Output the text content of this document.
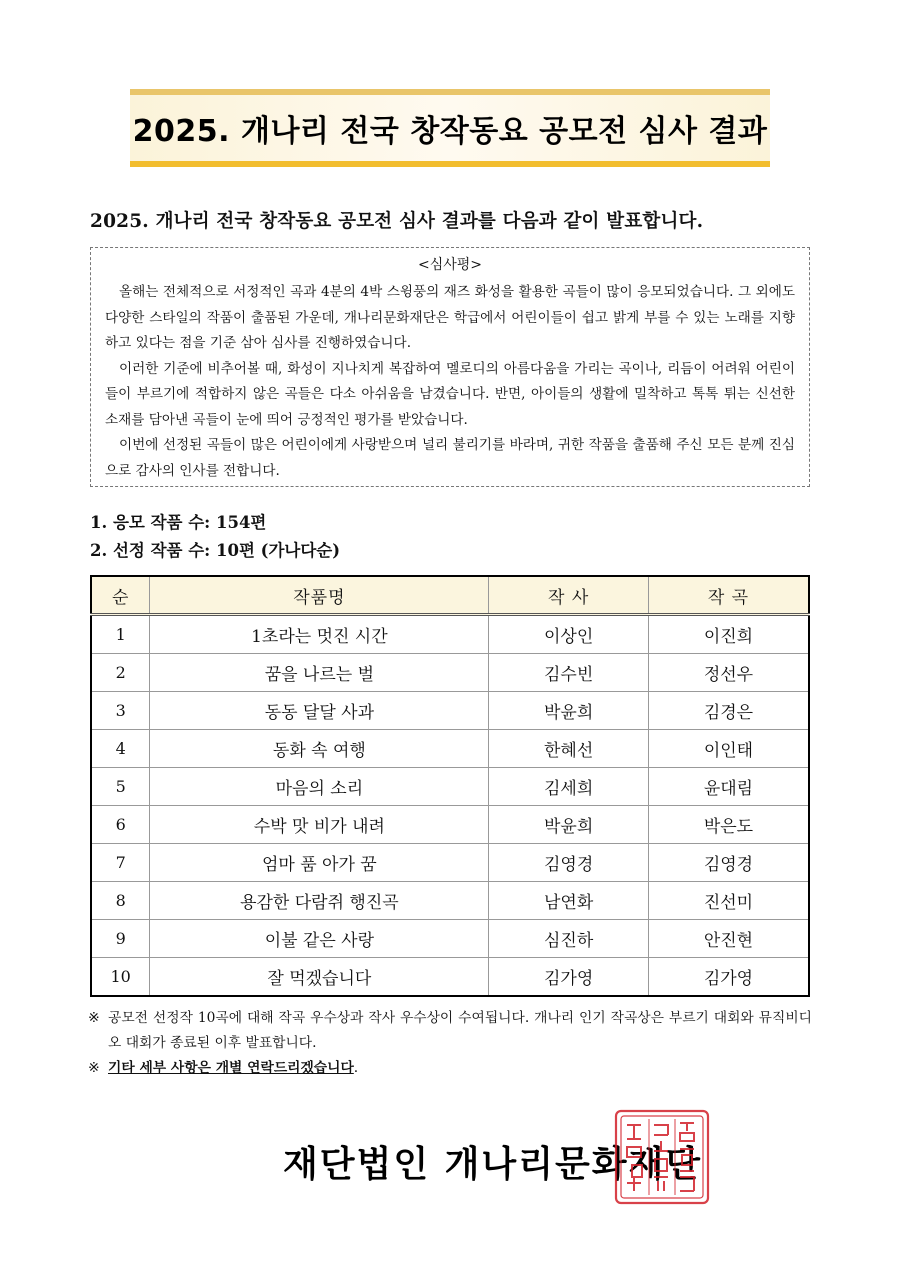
2025. 개나리 전국 창작동요 공모전 심사 결과
2025. 개나리 전국 창작동요 공모전 심사 결과를 다음과 같이 발표합니다.
<심사평>

올해는 전체적으로 서정적인 곡과 4분의 4박 스윙풍의 재즈 화성을 활용한 곡들이 많이 응모되었습니다. 그 외에도 다양한 스타일의 작품이 출품된 가운데, 개나리문화재단은 학급에서 어린이들이 쉽고 밝게 부를 수 있는 노래를 지향하고 있다는 점을 기준 삼아 심사를 진행하였습니다.

이러한 기준에 비추어볼 때, 화성이 지나치게 복잡하여 멜로디의 아름다움을 가리는 곡이나, 리듬이 어려워 어린이들이 부르기에 적합하지 않은 곡들은 다소 아쉬움을 남겼습니다. 반면, 아이들의 생활에 밀착하고 톡톡 튀는 신선한 소재를 담아낸 곡들이 눈에 띄어 긍정적인 평가를 받았습니다.

이번에 선정된 곡들이 많은 어린이에게 사랑받으며 널리 불리기를 바라며, 귀한 작품을 출품해 주신 모든 분께 진심으로 감사의 인사를 전합니다.

1. 응모 작품 수: 154편
2. 선정 작품 수: 10편 (가나다순)
순	작품명	작 사	작 곡
1	1초라는 멋진 시간	이상인	이진희
2	꿈을 나르는 벌	김수빈	정선우
3	동동 달달 사과	박윤희	김경은
4	동화 속 여행	한혜선	이인태
5	마음의 소리	김세희	윤대림
6	수박 맛 비가 내려	박윤희	박은도
7	엄마 품 아가 꿈	김영경	김영경
8	용감한 다람쥐 행진곡	남연화	진선미
9	이불 같은 사랑	심진하	안진현
10	잘 먹겠습니다	김가영	김가영
※ 공모전 선정작 10곡에 대해 작곡 우수상과 작사 우수상이 수여됩니다. 개나리 인기 작곡상은 부르기 대회와 뮤직비디오 대회가 종료된 이후 발표합니다.
※ 기타 세부 사항은 개별 연락드리겠습니다 .
재단법인 개나리문화재단
